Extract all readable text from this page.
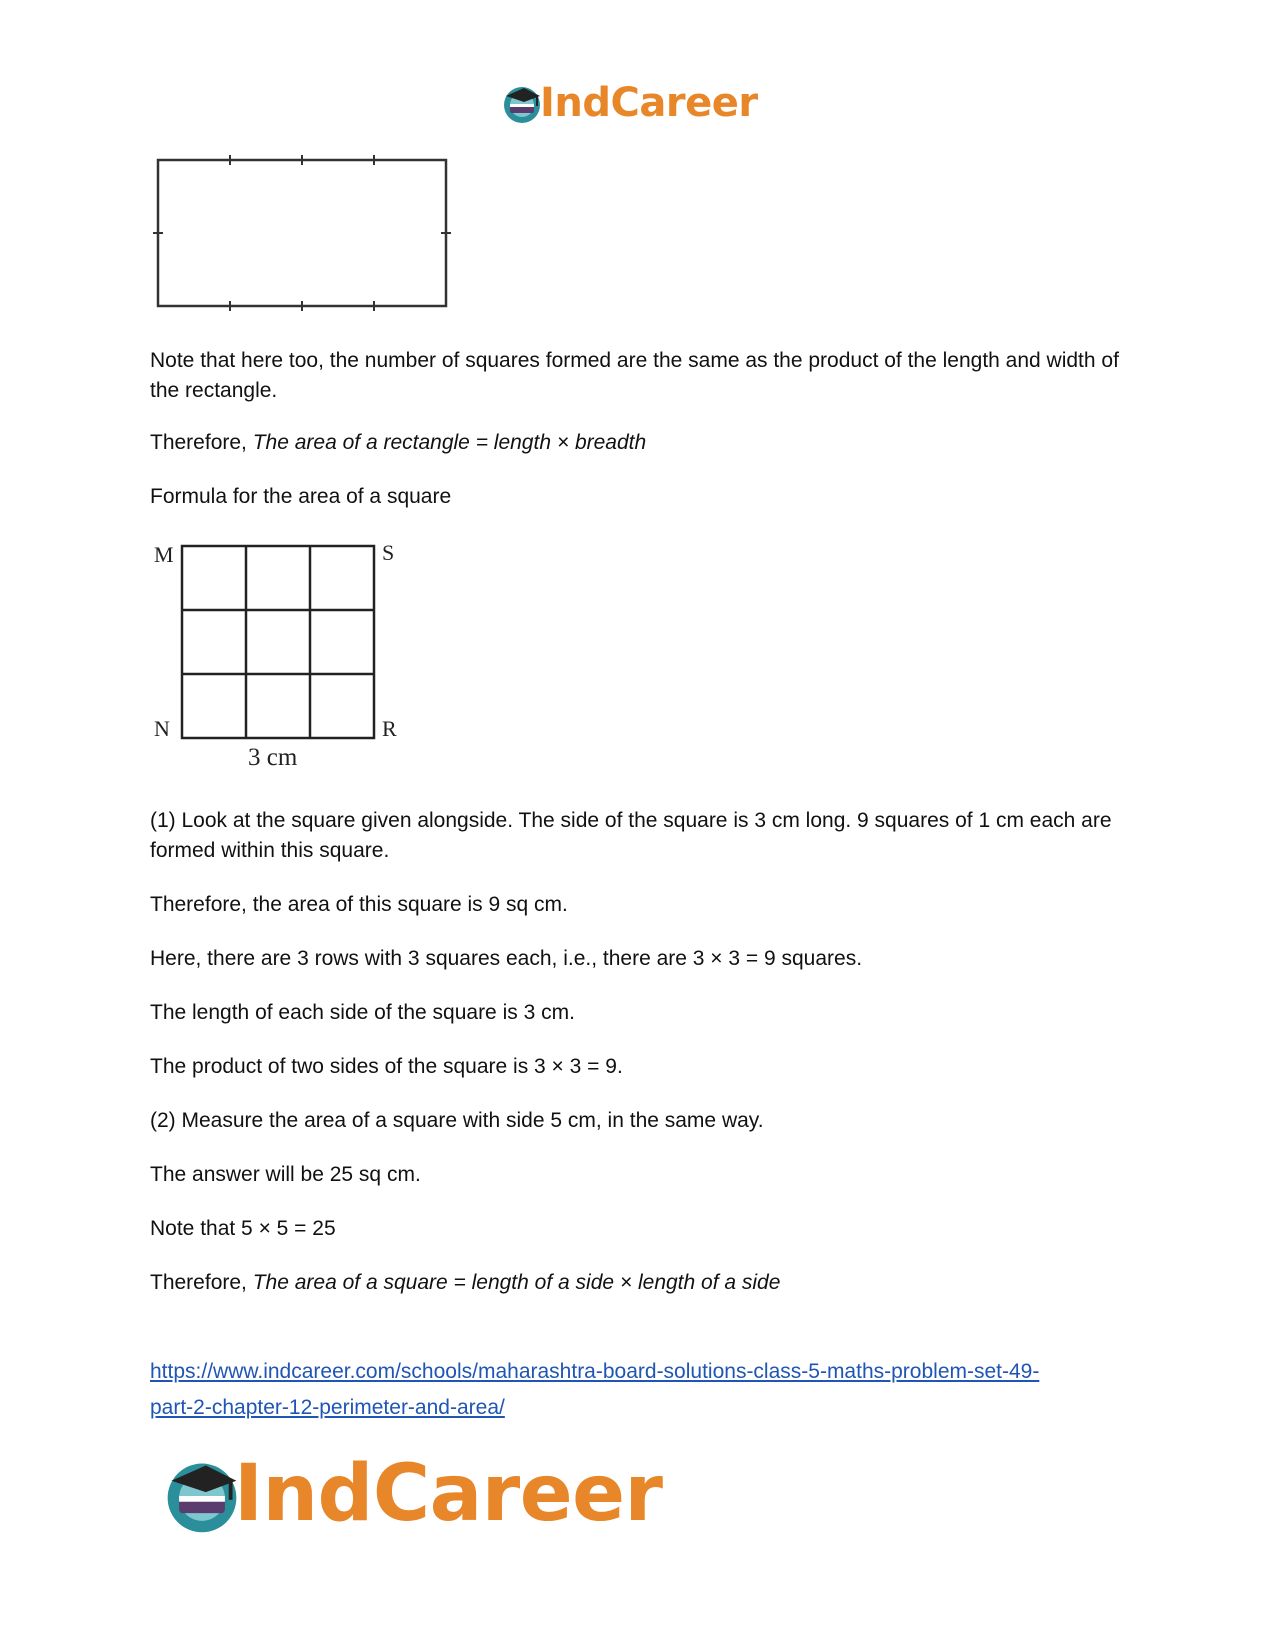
IndCareer

Note that here too, the number of squares formed are the same as the product of the length and width of the rectangle.

Therefore, The area of a rectangle = length × breadth

Formula for the area of a square

M	S
N	R
3 cm

(1) Look at the square given alongside. The side of the square is 3 cm long. 9 squares of 1 cm each are formed within this square.

Therefore, the area of this square is 9 sq cm.

Here, there are 3 rows with 3 squares each, i.e., there are 3 × 3 = 9 squares.

The length of each side of the square is 3 cm.

The product of two sides of the square is 3 × 3 = 9.

(2) Measure the area of a square with side 5 cm, in the same way.

The answer will be 25 sq cm.

Note that 5 × 5 = 25

Therefore, The area of a square = length of a side × length of a side

https://www.indcareer.com/schools/maharashtra-board-solutions-class-5-maths-problem-set-49-
part-2-chapter-12-perimeter-and-area/
IndCareer
